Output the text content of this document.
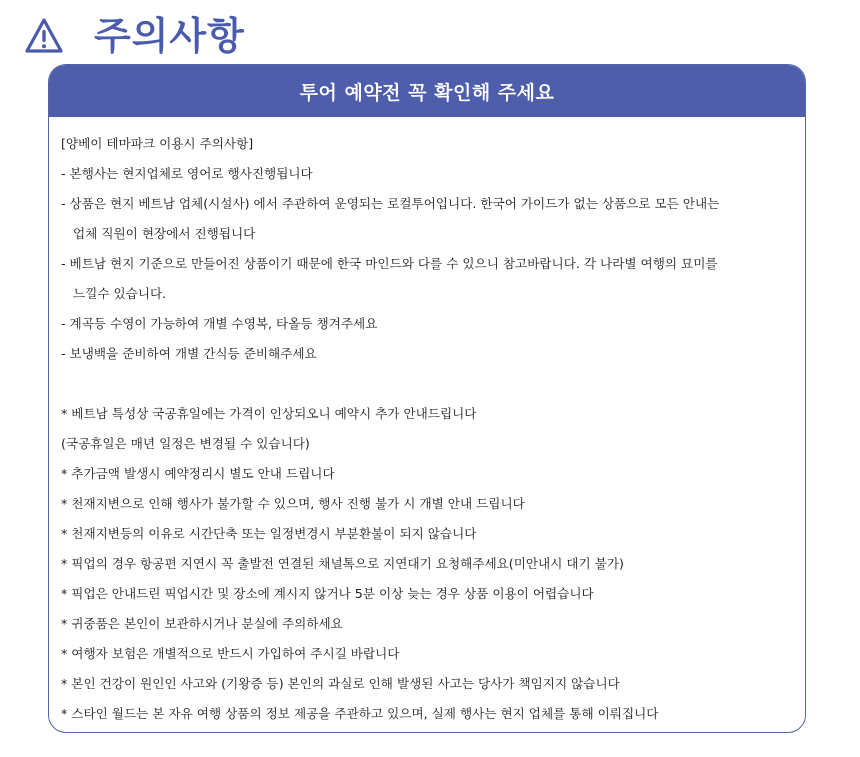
주의사항
투어 예약전 꼭 확인해 주세요
[양베이 테마파크 이용시 주의사항]
- 본행사는 현지업체로 영어로 행사진행됩니다
- 상품은 현지 베트남 업체(시설사) 에서 주관하여 운영되는 로컬투어입니다. 한국어 가이드가 없는 상품으로 모든 안내는
업체 직원이 현장에서 진행됩니다
- 베트남 현지 기준으로 만들어진 상품이기 때문에 한국 마인드와 다를 수 있으니 참고바랍니다. 각 나라별 여행의 묘미를
느낄수 있습니다.
- 계곡등 수영이 가능하여 개별 수영복, 타올등 챙겨주세요
- 보냉백을 준비하여 개별 간식등 준비해주세요
* 베트남 특성상 국공휴일에는 가격이 인상되오니 예약시 추가 안내드립니다
(국공휴일은 매년 일정은 변경될 수 있습니다)
* 추가금액 발생시 예약정리시 별도 안내 드립니다
* 천재지변으로 인해 행사가 불가할 수 있으며, 행사 진행 불가 시 개별 안내 드립니다
* 천재지변등의 이유로 시간단축 또는 일정변경시 부분환불이 되지 않습니다
* 픽업의 경우 항공편 지연시 꼭 출발전 연결된 채널톡으로 지연대기 요청해주세요(미안내시 대기 불가)
* 픽업은 안내드린 픽업시간 및 장소에 계시지 않거나 5분 이상 늦는 경우 상품 이용이 어렵습니다
* 귀중품은 본인이 보관하시거나 분실에 주의하세요
* 여행자 보험은 개별적으로 반드시 가입하여 주시길 바랍니다
* 본인 건강이 원인인 사고와 (기왕증 등) 본인의 과실로 인해 발생된 사고는 당사가 책임지지 않습니다
* 스타인 월드는 본 자유 여행 상품의 정보 제공을 주관하고 있으며, 실제 행사는 현지 업체를 통해 이뤄집니다
